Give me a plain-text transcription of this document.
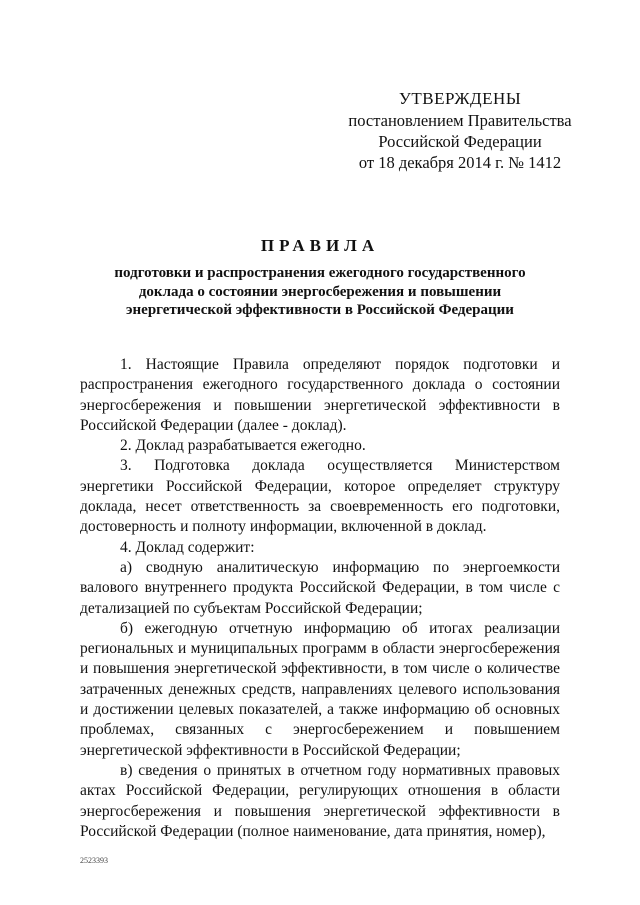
УТВЕРЖДЕНЫ
постановлением Правительства
Российской Федерации
от 18 декабря 2014 г. № 1412
ПРАВИЛА
подготовки и распространения ежегодного государственного
доклада о состоянии энергосбережения и повышении
энергетической эффективности в Российской Федерации

1. Настоящие Правила определяют порядок подготовки и распространения ежегодного государственного доклада о состоянии энергосбережения и повышении энергетической эффективности в Российской Федерации (далее - доклад).

2. Доклад разрабатывается ежегодно.

3. Подготовка доклада осуществляется Министерством энергетики Российской Федерации, которое определяет структуру доклада, несет ответственность за своевременность его подготовки, достоверность и полноту информации, включенной в доклад.

4. Доклад содержит:

а) сводную аналитическую информацию по энергоемкости валового внутреннего продукта Российской Федерации, в том числе с детализацией по субъектам Российской Федерации;

б) ежегодную отчетную информацию об итогах реализации региональных и муниципальных программ в области энергосбережения и повышения энергетической эффективности, в том числе о количестве затраченных денежных средств, направлениях целевого использования и достижении целевых показателей, а также информацию об основных проблемах, связанных с энергосбережением и повышением энергетической эффективности в Российской Федерации;

в) сведения о принятых в отчетном году нормативных правовых актах Российской Федерации, регулирующих отношения в области энергосбережения и повышения энергетической эффективности в Российской Федерации (полное наименование, дата принятия, номер),

2523393
